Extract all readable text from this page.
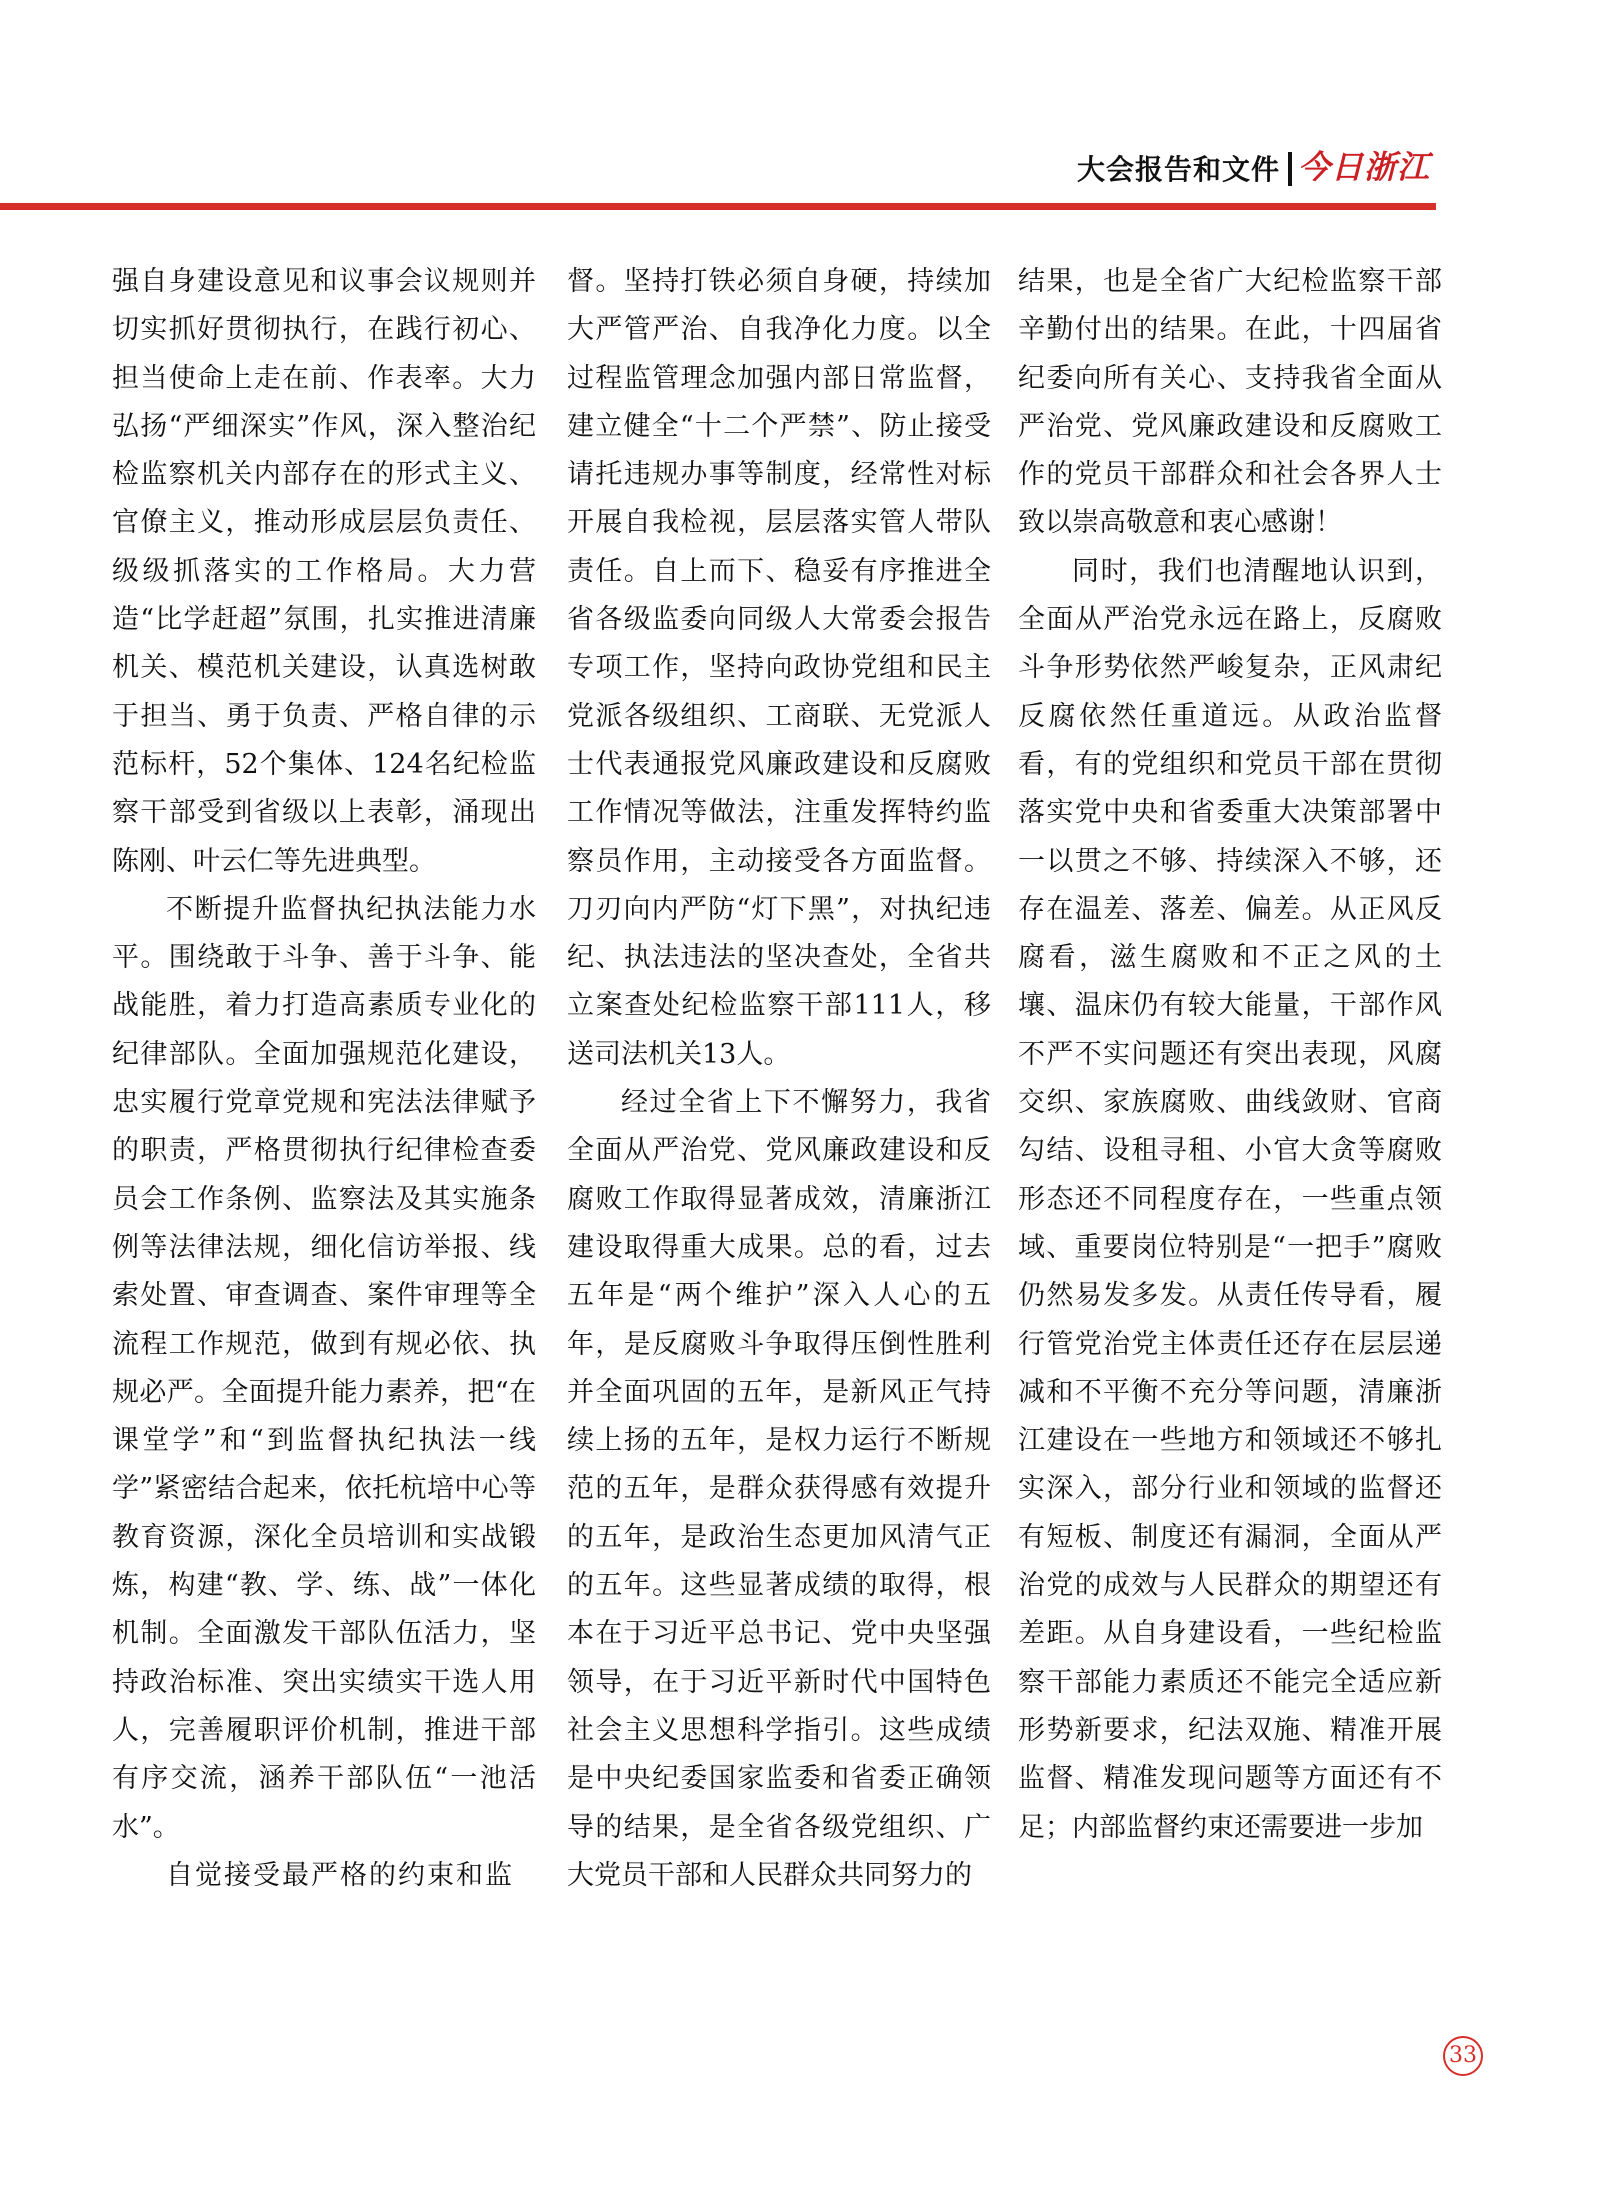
大会报告和文件 今日浙江

强自身建设意见和议事会议规则并切实抓好贯彻执行，在践行初心、担当使命上走在前、作表率。大力弘扬“严细深实”作风，深入整治纪检监察机关内部存在的形式主义、官僚主义，推动形成层层负责任、级级抓落实的工作格局。大力营造“比学赶超”氛围，扎实推进清廉机关、模范机关建设，认真选树敢于担当、勇于负责、严格自律的示范标杆，52个集体、124名纪检监察干部受到省级以上表彰，涌现出陈刚、叶云仁等先进典型。

不断提升监督执纪执法能力水平。围绕敢于斗争、善于斗争、能战能胜，着力打造高素质专业化的纪律部队。全面加强规范化建设，忠实履行党章党规和宪法法律赋予的职责，严格贯彻执行纪律检查委员会工作条例、监察法及其实施条例等法律法规，细化信访举报、线索处置、审查调查、案件审理等全流程工作规范，做到有规必依、执规必严。全面提升能力素养，把“在课堂学”和“到监督执纪执法一线学”紧密结合起来，依托杭培中心等教育资源，深化全员培训和实战锻炼，构建“教、学、练、战”一体化机制。全面激发干部队伍活力，坚持政治标准、突出实绩实干选人用人，完善履职评价机制，推进干部有序交流，涵养干部队伍“一池活水”。

自觉接受最严格的约束和监

督。坚持打铁必须自身硬，持续加大严管严治、自我净化力度。以全过程监管理念加强内部日常监督，建立健全“十二个严禁”、防止接受请托违规办事等制度，经常性对标开展自我检视，层层落实管人带队责任。自上而下、稳妥有序推进全省各级监委向同级人大常委会报告专项工作，坚持向政协党组和民主党派各级组织、工商联、无党派人士代表通报党风廉政建设和反腐败工作情况等做法，注重发挥特约监察员作用，主动接受各方面监督。刀刃向内严防“灯下黑”，对执纪违纪、执法违法的坚决查处，全省共立案查处纪检监察干部111人，移送司法机关13人。

经过全省上下不懈努力，我省全面从严治党、党风廉政建设和反腐败工作取得显著成效，清廉浙江建设取得重大成果。总的看，过去五年是“两个维护”深入人心的五年，是反腐败斗争取得压倒性胜利并全面巩固的五年，是新风正气持续上扬的五年，是权力运行不断规范的五年，是群众获得感有效提升的五年，是政治生态更加风清气正的五年。这些显著成绩的取得，根本在于习近平总书记、党中央坚强领导，在于习近平新时代中国特色社会主义思想科学指引。这些成绩是中央纪委国家监委和省委正确领导的结果，是全省各级党组织、广大党员干部和人民群众共同努力的

结果，也是全省广大纪检监察干部辛勤付出的结果。在此，十四届省纪委向所有关心、支持我省全面从严治党、党风廉政建设和反腐败工作的党员干部群众和社会各界人士致以崇高敬意和衷心感谢！

同时，我们也清醒地认识到，全面从严治党永远在路上，反腐败斗争形势依然严峻复杂，正风肃纪反腐依然任重道远。从政治监督看，有的党组织和党员干部在贯彻落实党中央和省委重大决策部署中一以贯之不够、持续深入不够，还存在温差、落差、偏差。从正风反腐看，滋生腐败和不正之风的土壤、温床仍有较大能量，干部作风不严不实问题还有突出表现，风腐交织、家族腐败、曲线敛财、官商勾结、设租寻租、小官大贪等腐败形态还不同程度存在，一些重点领域、重要岗位特别是“一把手”腐败仍然易发多发。从责任传导看，履行管党治党主体责任还存在层层递减和不平衡不充分等问题，清廉浙江建设在一些地方和领域还不够扎实深入，部分行业和领域的监督还有短板、制度还有漏洞，全面从严治党的成效与人民群众的期望还有差距。从自身建设看，一些纪检监察干部能力素质还不能完全适应新形势新要求，纪法双施、精准开展监督、精准发现问题等方面还有不足；内部监督约束还需要进一步加

33
